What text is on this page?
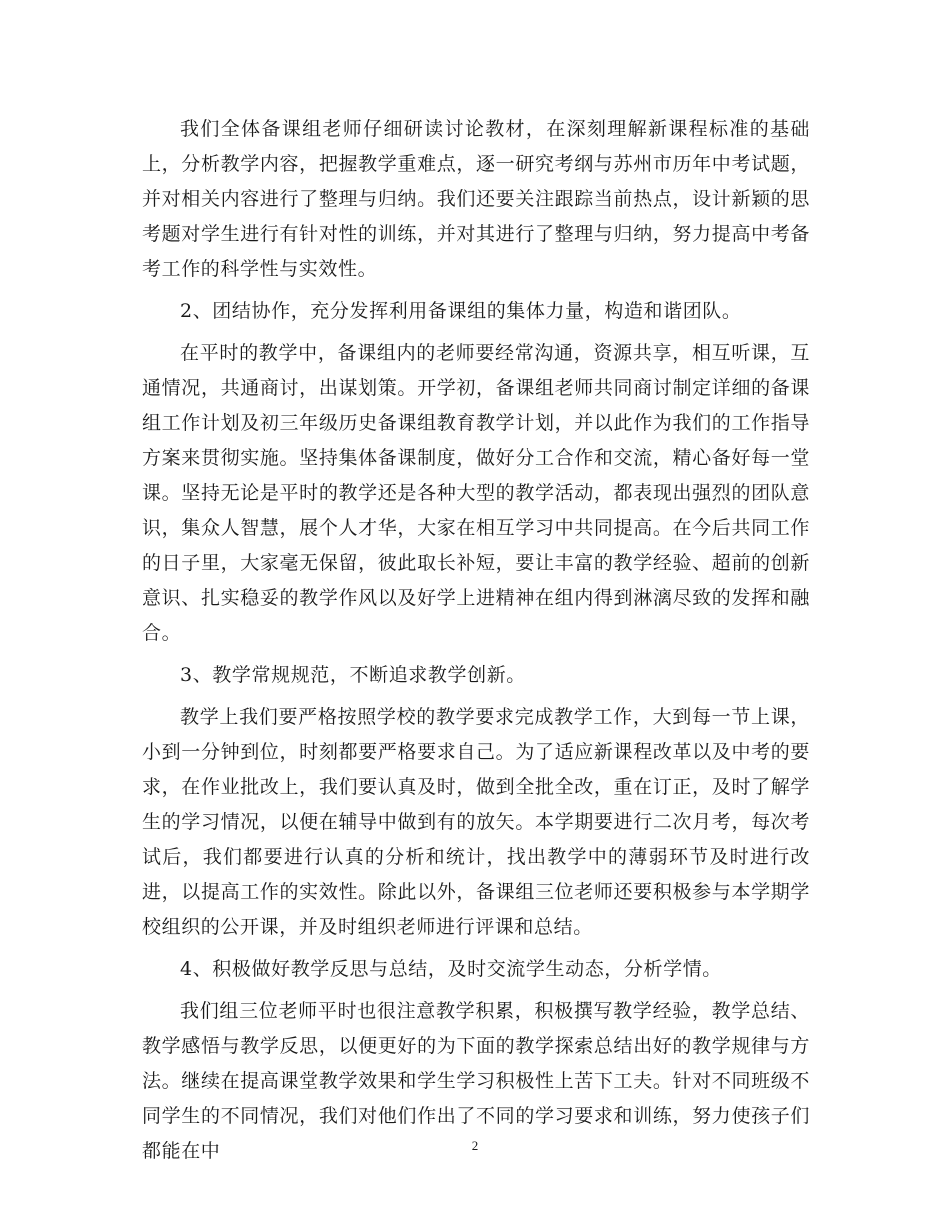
我们全体备课组老师仔细研读讨论教材，在深刻理解新课程标准的基础上，分析教学内容，把握教学重难点，逐一研究考纲与苏州市历年中考试题，并对相关内容进行了整理与归纳。我们还要关注跟踪当前热点，设计新颖的思考题对学生进行有针对性的训练，并对其进行了整理与归纳，努力提高中考备考工作的科学性与实效性。

2、团结协作，充分发挥利用备课组的集体力量，构造和谐团队。

在平时的教学中，备课组内的老师要经常沟通，资源共享，相互听课，互通情况，共通商讨，出谋划策。开学初，备课组老师共同商讨制定详细的备课组工作计划及初三年级历史备课组教育教学计划，并以此作为我们的工作指导方案来贯彻实施。坚持集体备课制度，做好分工合作和交流，精心备好每一堂课。坚持无论是平时的教学还是各种大型的教学活动，都表现出强烈的团队意识，集众人智慧，展个人才华，大家在相互学习中共同提高。在今后共同工作的日子里，大家毫无保留，彼此取长补短，要让丰富的教学经验、超前的创新意识、扎实稳妥的教学作风以及好学上进精神在组内得到淋漓尽致的发挥和融合。

3、教学常规规范，不断追求教学创新。

教学上我们要严格按照学校的教学要求完成教学工作，大到每一节上课，小到一分钟到位，时刻都要严格要求自己。为了适应新课程改革以及中考的要求，在作业批改上，我们要认真及时，做到全批全改，重在订正，及时了解学生的学习情况，以便在辅导中做到有的放矢。本学期要进行二次月考，每次考试后，我们都要进行认真的分析和统计，找出教学中的薄弱环节及时进行改进，以提高工作的实效性。除此以外，备课组三位老师还要积极参与本学期学校组织的公开课，并及时组织老师进行评课和总结。

4、积极做好教学反思与总结，及时交流学生动态，分析学情。

我们组三位老师平时也很注意教学积累，积极撰写教学经验，教学总结、教学感悟与教学反思，以便更好的为下面的教学探索总结出好的教学规律与方法。继续在提高课堂教学效果和学生学习积极性上苦下工夫。针对不同班级不同学生的不同情况，我们对他们作出了不同的学习要求和训练，努力使孩子们都能在中	2
